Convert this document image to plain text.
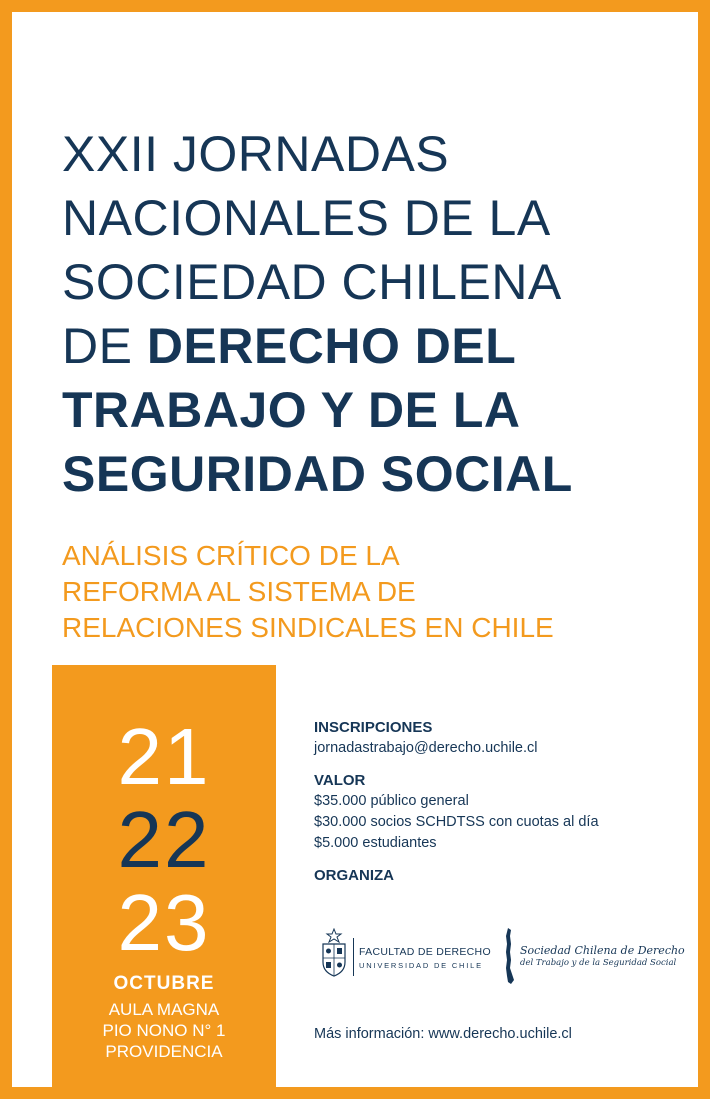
XXII JORNADAS
NACIONALES DE LA
SOCIEDAD CHILENA
DE DERECHO DEL
TRABAJO Y DE LA
SEGURIDAD SOCIAL
ANÁLISIS CRÍTICO DE LA
REFORMA AL SISTEMA DE
RELACIONES SINDICALES EN CHILE
21
22
23
OCTUBRE
AULA MAGNA
PIO NONO N° 1
PROVIDENCIA
INSCRIPCIONES
jornadastrabajo@derecho.uchile.cl
VALOR
$35.000 público general
$30.000 socios SCHDTSS con cuotas al día
$5.000 estudiantes
ORGANIZA
FACULTAD DE DERECHO
UNIVERSIDAD DE CHILE
Sociedad Chilena de Derecho
del Trabajo y de la Seguridad Social
Más información: www.derecho.uchile.cl
